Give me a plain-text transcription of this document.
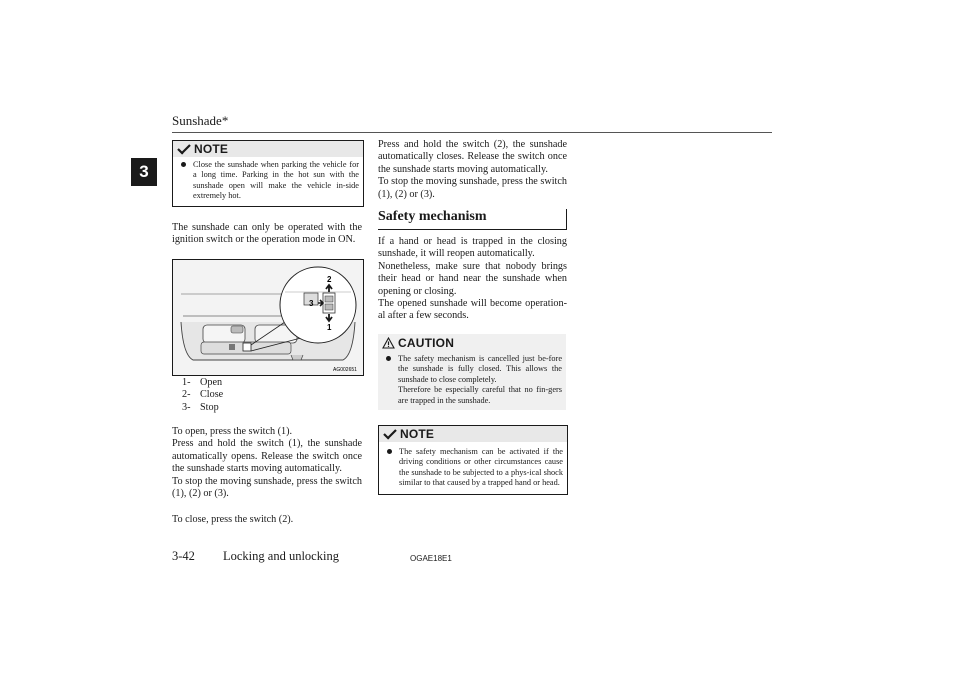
Sunshade*
3
NOTE
Close the sunshade when parking the vehicle for a long time. Parking in the hot sun with the sunshade open will make the vehicle in-side extremely hot.
The sunshade can only be operated with the ignition switch or the operation mode in ON.
2
3
1
AG002651
1- Open
2- Close
3- Stop
To open, press the switch (1).
Press and hold the switch (1), the sunshade automatically opens. Release the switch once the sunshade starts moving automatically.
To stop the moving sunshade, press the switch (1), (2) or (3).
To close, press the switch (2).
Press and hold the switch (2), the sunshade automatically closes. Release the switch once the sunshade starts moving automatically.
To stop the moving sunshade, press the switch (1), (2) or (3).
Safety mechanism
If a hand or head is trapped in the closing sunshade, it will reopen automatically.
Nonetheless, make sure that nobody brings their head or hand near the sunshade when opening or closing.
The opened sunshade will become operation-al after a few seconds.
CAUTION
The safety mechanism is cancelled just be-fore the sunshade is fully closed. This allows the sunshade to close completely.
Therefore be especially careful that no fin-gers are trapped in the sunshade.
NOTE
The safety mechanism can be activated if the driving conditions or other circumstances cause the sunshade to be subjected to a phys-ical shock similar to that caused by a trapped hand or head.
3-42 Locking and unlocking	OGAE18E1
